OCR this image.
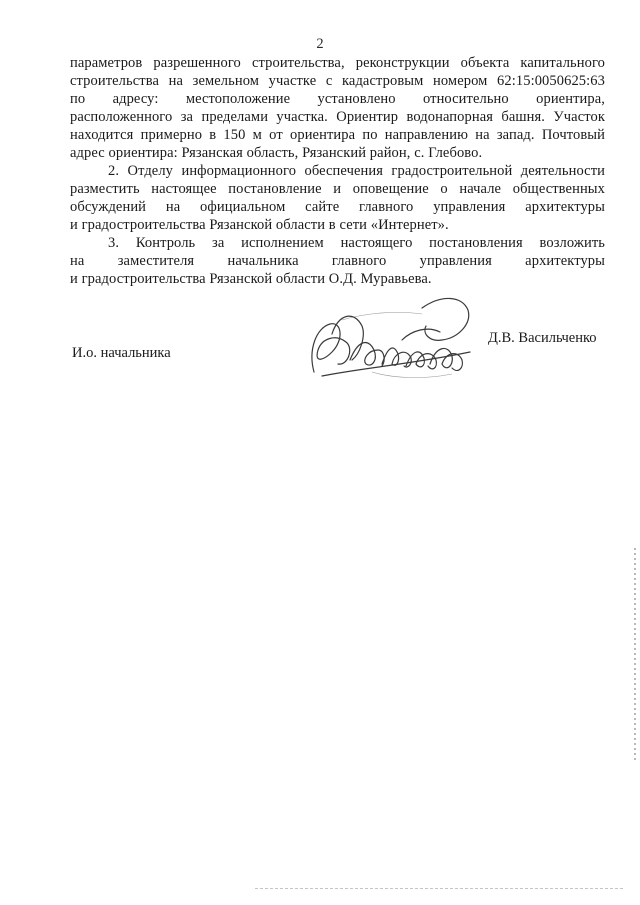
2
параметров разрешенного строительства, реконструкции объекта капитального
строительства на земельном участке с кадастровым номером 62:15:0050625:63
по адресу: местоположение установлено относительно ориентира,
расположенного за пределами участка. Ориентир водонапорная башня. Участок
находится примерно в 150 м от ориентира по направлению на запад. Почтовый
адрес ориентира: Рязанская область, Рязанский район, с. Глебово.
2. Отделу информационного обеспечения градостроительной деятельности
разместить настоящее постановление и оповещение о начале общественных
обсуждений на официальном сайте главного управления архитектуры
и градостроительства Рязанской области в сети «Интернет».
3. Контроль за исполнением настоящего постановления возложить
на заместителя начальника главного управления архитектуры
и градостроительства Рязанской области О.Д. Муравьева.
И.о. начальника
Д.В. Васильченко
